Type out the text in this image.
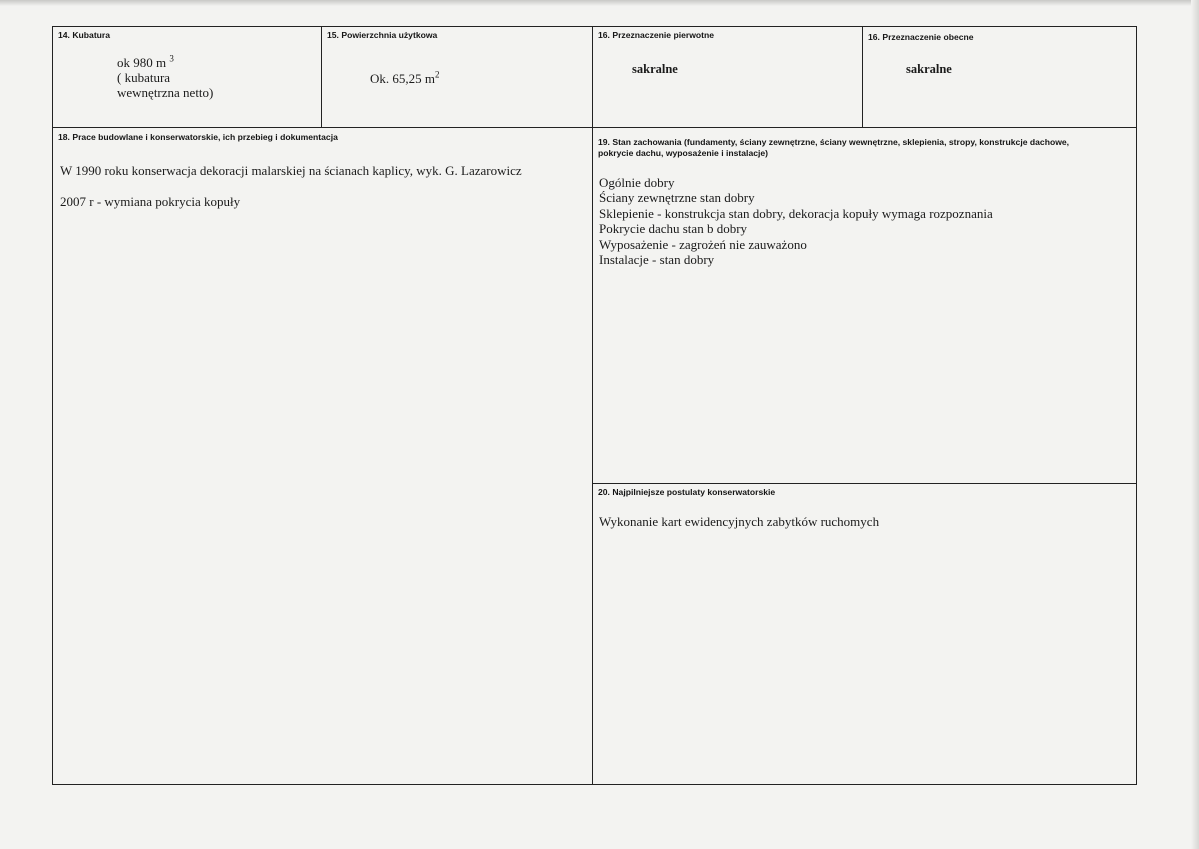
14. Kubatura
ok 980 m $^3$
( kubatura
wewnętrzna netto)
15. Powierzchnia użytkowa
Ok. 65,25 $m^2$
16. Przeznaczenie pierwotne
sakralne
16. Przeznaczenie obecne
sakralne
18. Prace budowlane i konserwatorskie, ich przebieg i dokumentacja
W 1990 roku konserwacja dekoracji malarskiej na ścianach kaplicy, wyk. G. Lazarowicz
2007 r - wymiana pokrycia kopuły
19. Stan zachowania (fundamenty, ściany zewnętrzne, ściany wewnętrzne, sklepienia, stropy, konstrukcje dachowe, pokrycie dachu, wyposażenie i instalacje)
Ogólnie dobry
Ściany zewnętrzne stan dobry
Sklepienie - konstrukcja stan dobry, dekoracja kopuły wymaga rozpoznania
Pokrycie dachu stan b dobry
Wyposażenie - zagrożeń nie zauważono
Instalacje - stan dobry
20. Najpilniejsze postulaty konserwatorskie
Wykonanie kart ewidencyjnych zabytków ruchomych
